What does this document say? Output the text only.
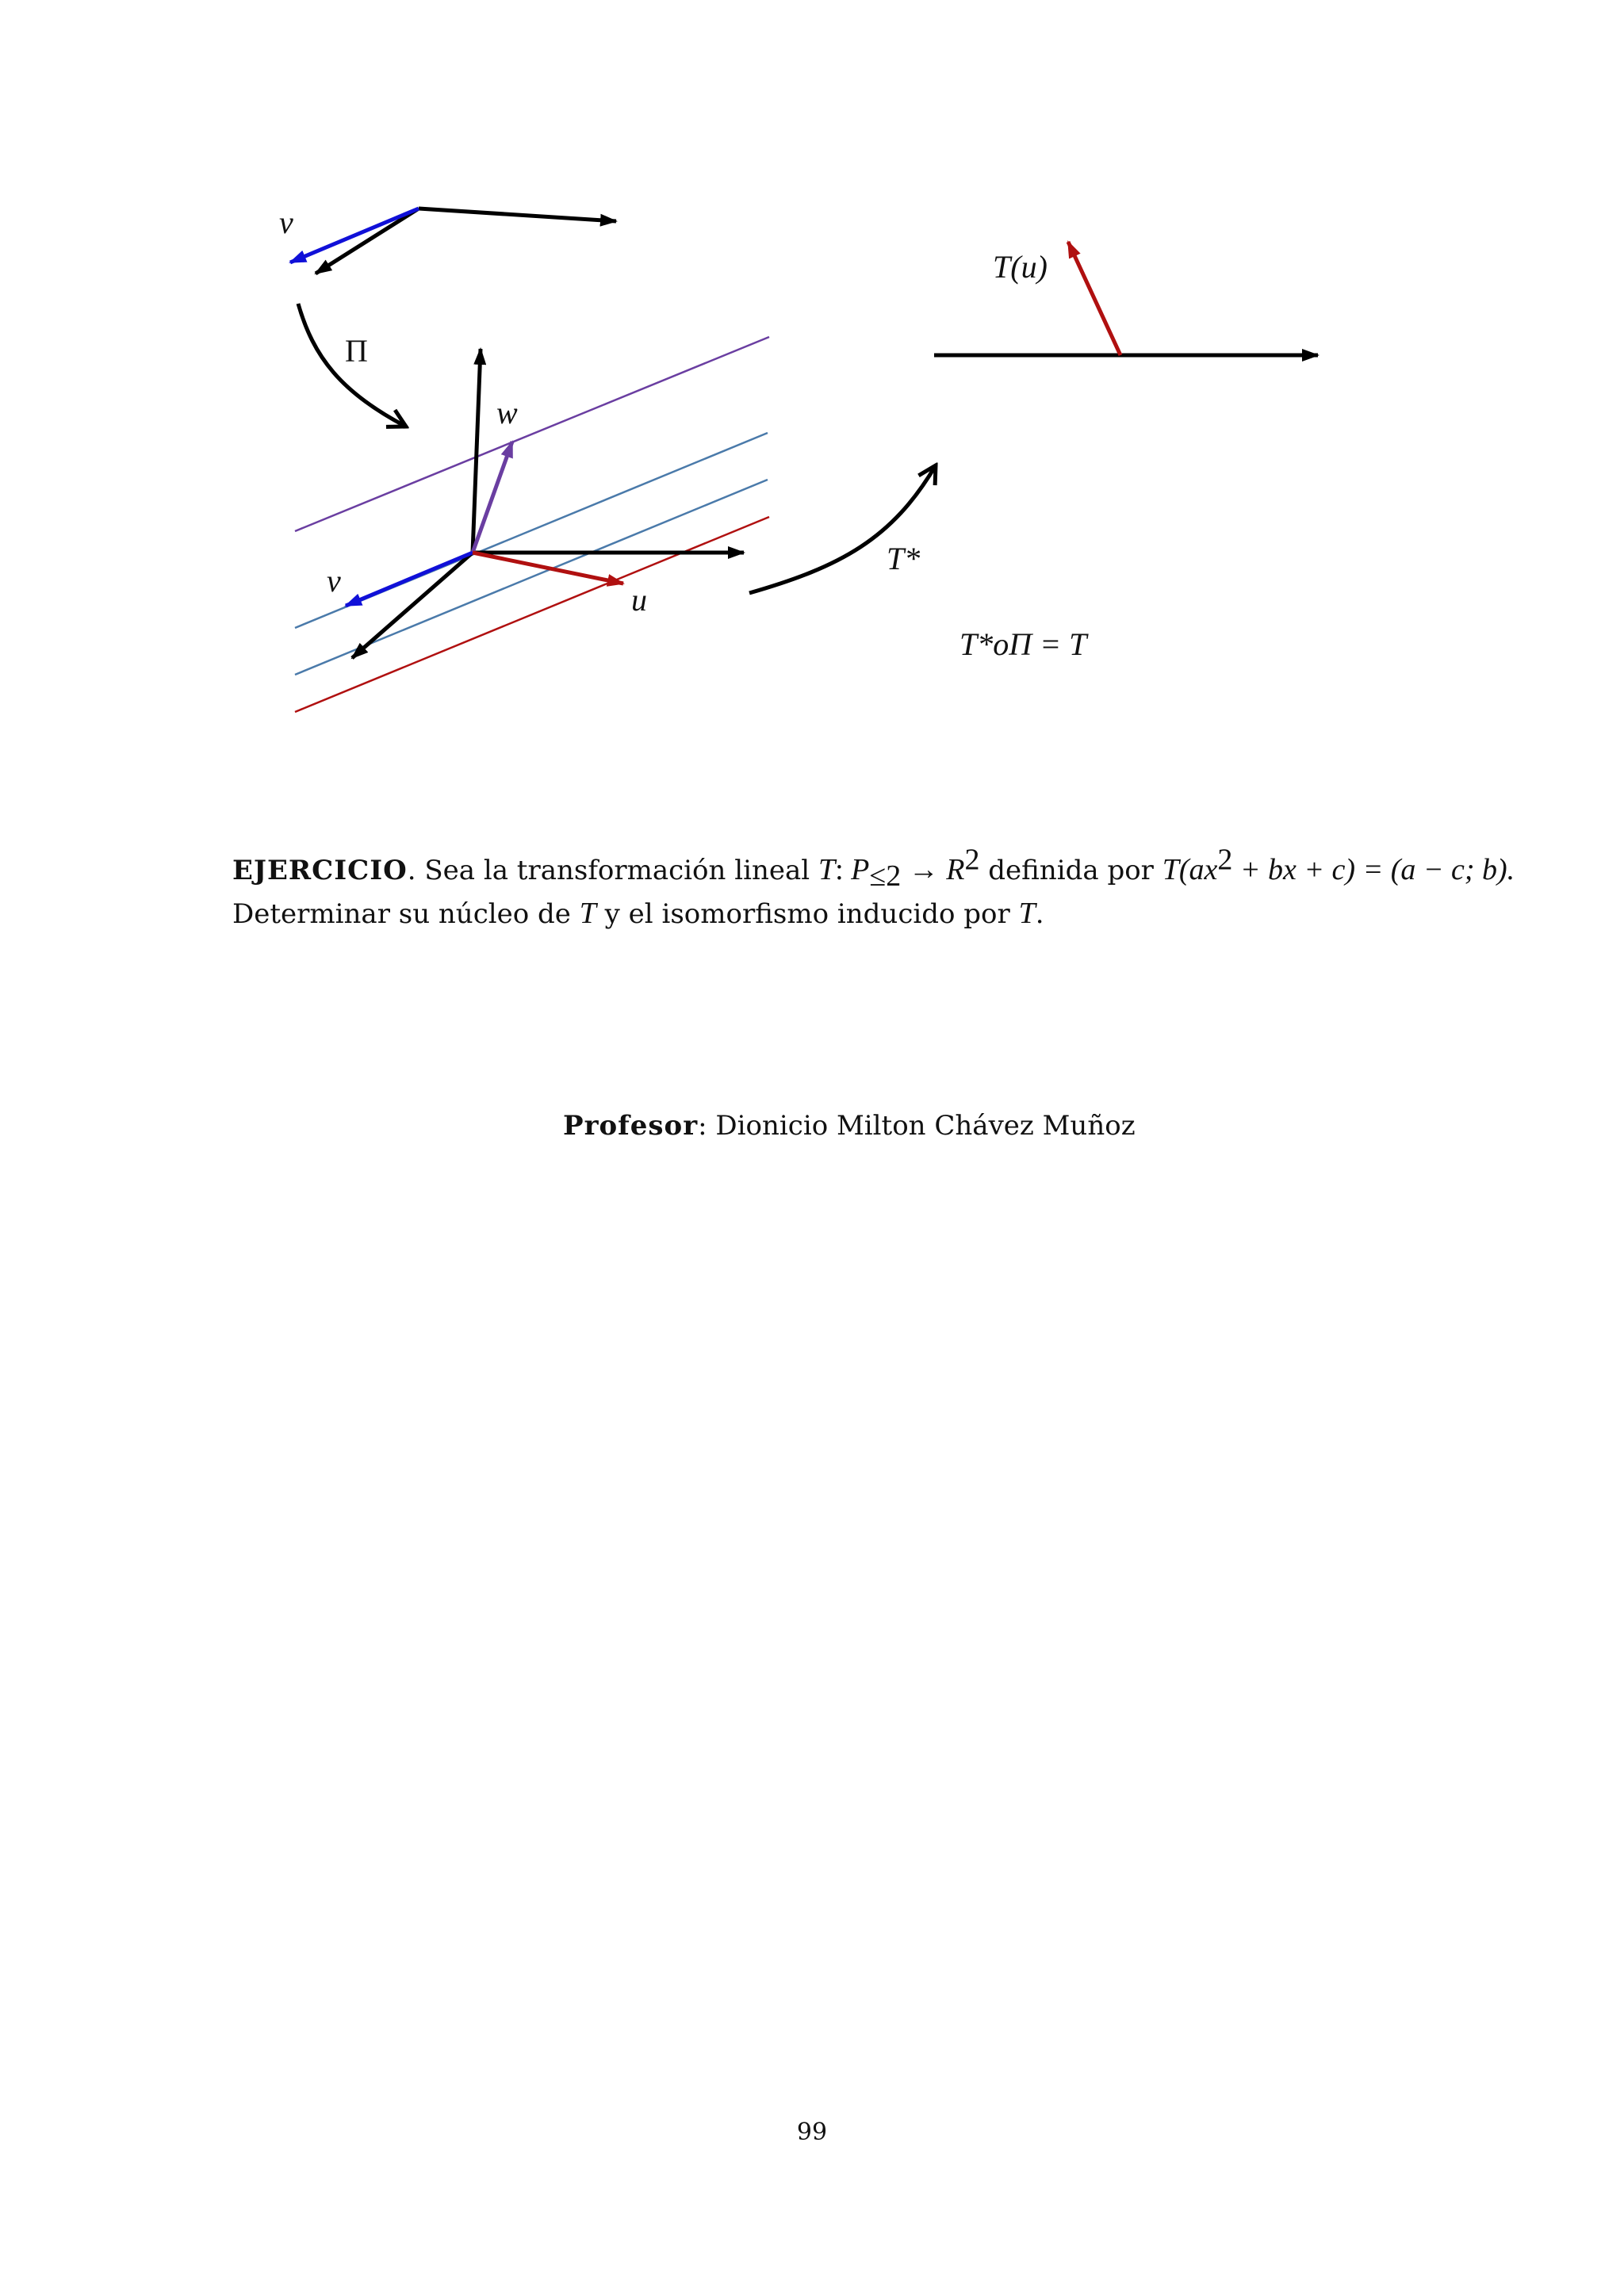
v
Π
w
v
u
T*
T(u)
T*oΠ = T
EJERCICIO. Sea la transformación lineal T: $P_{\le 2} \to R^2$ definida por $T(ax^2$ + bx + c) = (a − c; b).
Determinar su núcleo de T y el isomorfismo inducido por T.
Profesor: Dionicio Milton Chávez Muñoz
99
